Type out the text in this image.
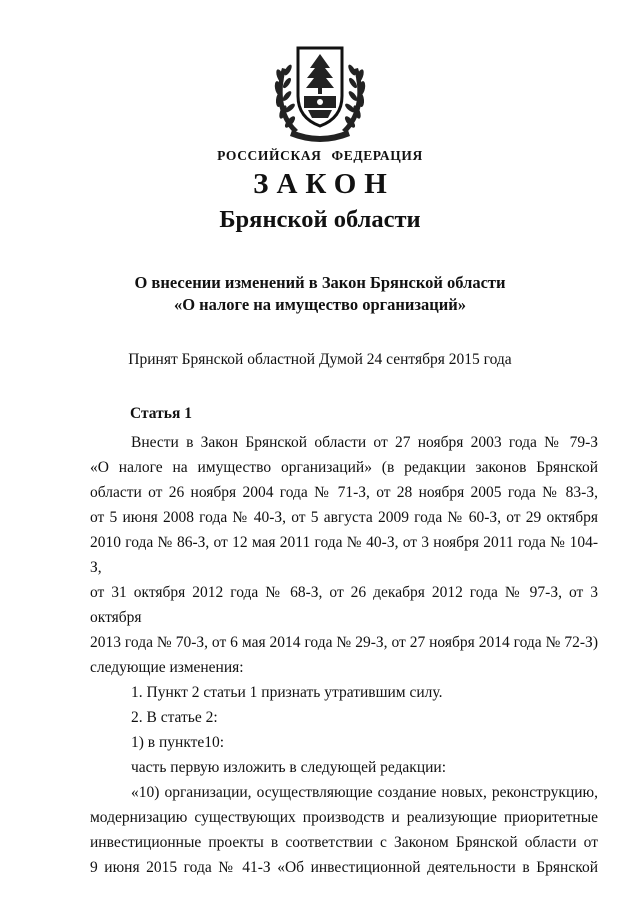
РОССИЙСКАЯ ФЕДЕРАЦИЯ
ЗАКОН
Брянской области
О внесении изменений в Закон Брянской области
«О налоге на имущество организаций»
Принят Брянской областной Думой 24 сентября 2015 года
Статья 1

Внести в Закон Брянской области от 27 ноября 2003 года № 79-З

«О налоге на имущество организаций» (в редакции законов Брянской

области от 26 ноября 2004 года № 71-З, от 28 ноября 2005 года № 83-З,

от 5 июня 2008 года № 40-З, от 5 августа 2009 года № 60-З, от 29 октября

2010 года № 86-З, от 12 мая 2011 года № 40-З, от 3 ноября 2011 года № 104-З,

от 31 октября 2012 года № 68-З, от 26 декабря 2012 года № 97-З, от 3 октября

2013 года № 70-З, от 6 мая 2014 года № 29-З, от 27 ноября 2014 года № 72-З)

следующие изменения:

1. Пункт 2 статьи 1 признать утратившим силу.

2. В статье 2:

1) в пункте10:

часть первую изложить в следующей редакции:

«10) организации, осуществляющие создание новых, реконструкцию,

модернизацию существующих производств и реализующие приоритетные

инвестиционные проекты в соответствии с Законом Брянской области от

9 июня 2015 года № 41-З «Об инвестиционной деятельности в Брянской
